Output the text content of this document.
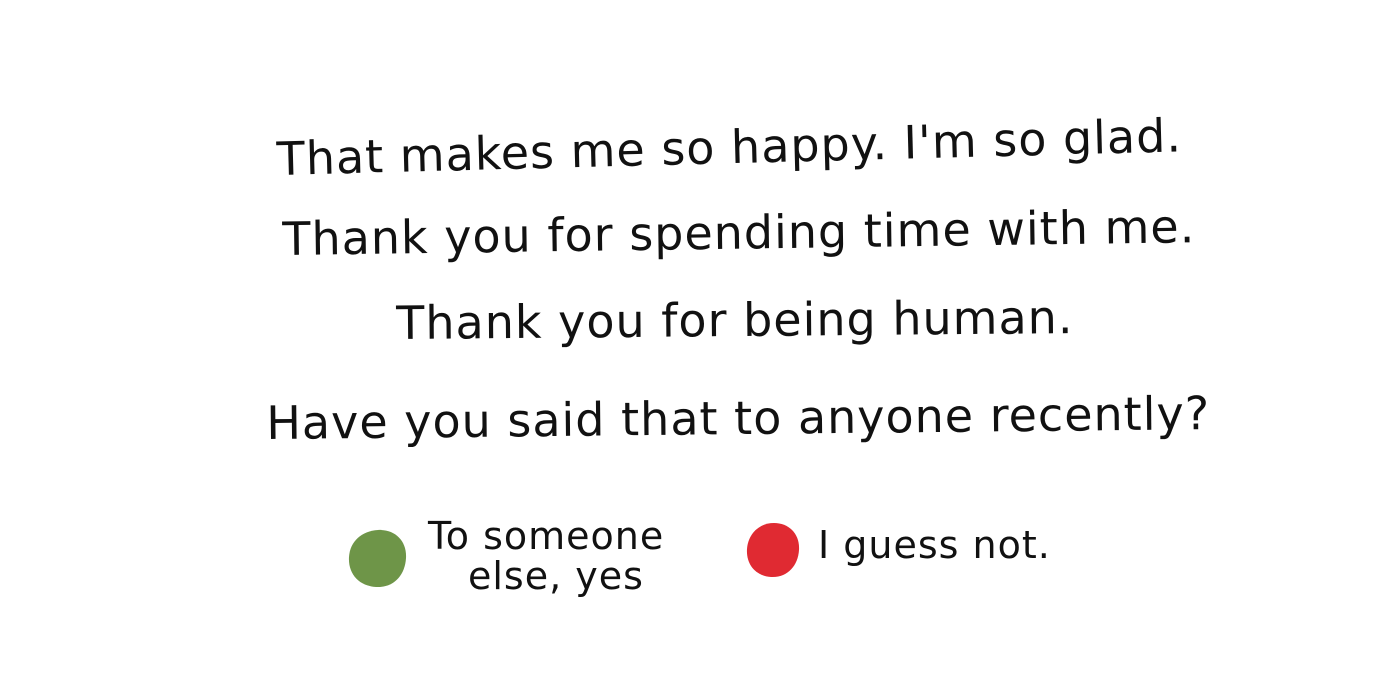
That makes me so happy. I'm so glad.
Thank you for spending time with me.
Thank you for being human.
Have you said that to anyone recently?
To someone
else, yes
I guess not.
